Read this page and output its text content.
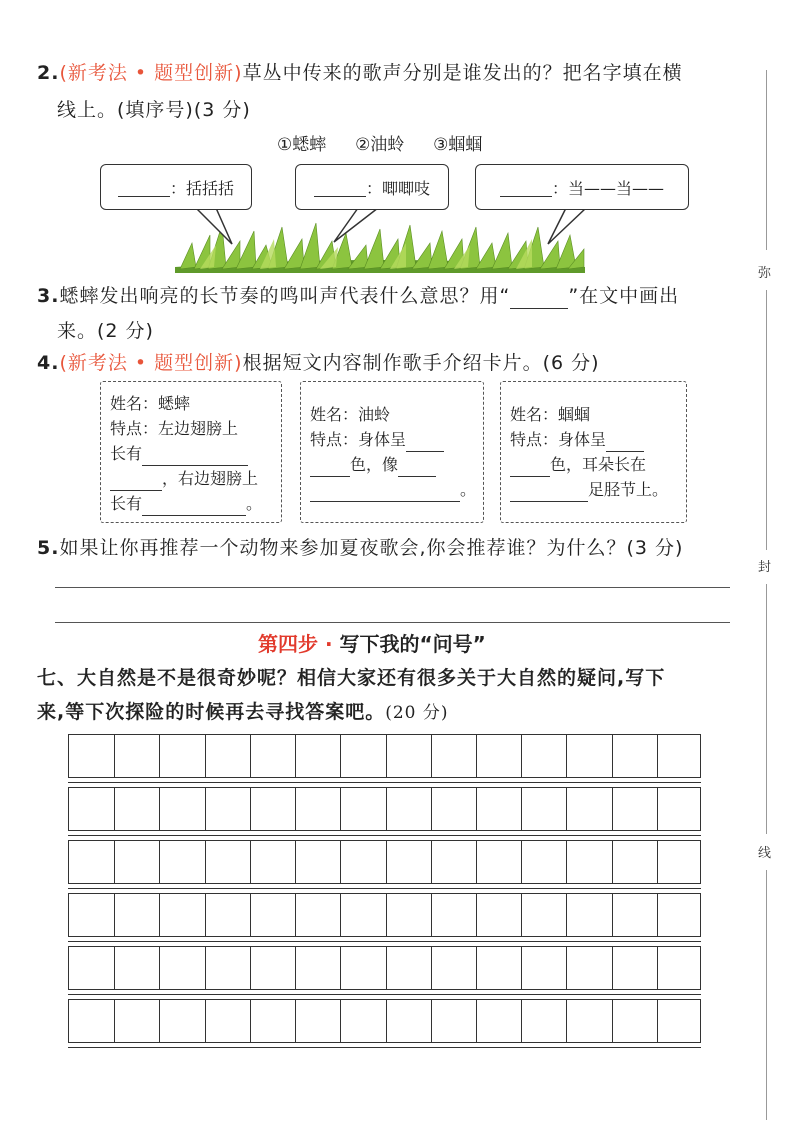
2.(新考法 • 题型创新)草丛中传来的歌声分别是谁发出的？把名字填在横
线上。(填序号)(3 分)
①蟋蟀 ②油蛉 ③蝈蝈
：括括括	：唧唧吱	：当——当——
3.蟋蟀发出响亮的长节奏的鸣叫声代表什么意思？用“	”在文中画出
来。(2 分)
4.(新考法 • 题型创新)根据短文内容制作歌手介绍卡片。(6 分)
姓名：蟋蟀
特点：左边翅膀上
长有
，右边翅膀上
长有	。
姓名：油蛉
特点：身体呈
色，像
。
姓名：蝈蝈
特点：身体呈
色，耳朵长在
足胫节上。
5.如果让你再推荐一个动物来参加夏夜歌会,你会推荐谁？为什么？(3 分)
第四步 · 写下我的“问号”
七、大自然是不是很奇妙呢？相信大家还有很多关于大自然的疑问,写下
来,等下次探险的时候再去寻找答案吧。(20 分)
弥
封
线
